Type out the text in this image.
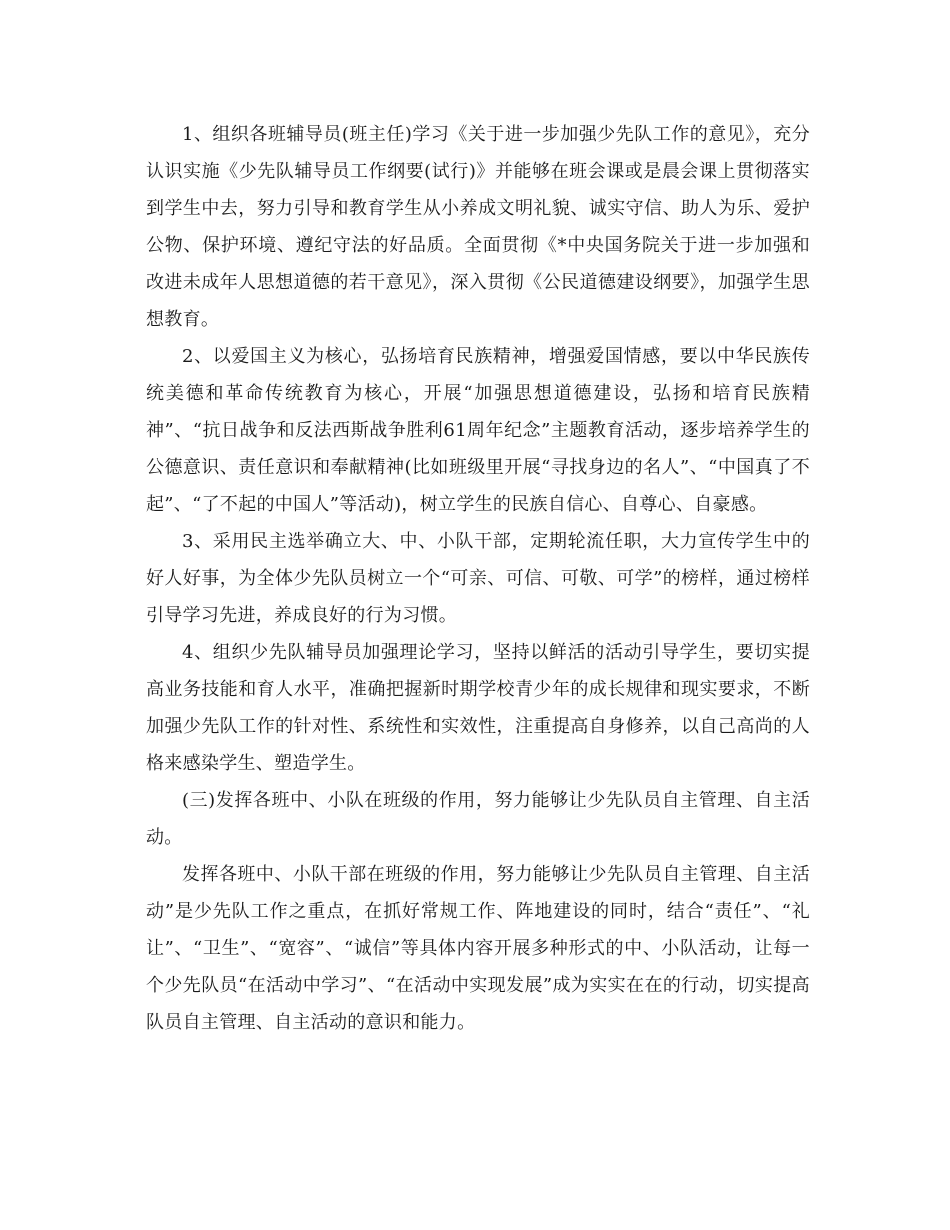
1、组织各班辅导员(班主任)学习《关于进一步加强少先队工作的意见》，充分认识实施《少先队辅导员工作纲要(试行)》并能够在班会课或是晨会课上贯彻落实到学生中去，努力引导和教育学生从小养成文明礼貌、诚实守信、助人为乐、爱护公物、保护环境、遵纪守法的好品质。全面贯彻《*中央国务院关于进一步加强和改进未成年人思想道德的若干意见》，深入贯彻《公民道德建设纲要》，加强学生思想教育。

2、以爱国主义为核心，弘扬培育民族精神，增强爱国情感，要以中华民族传统美德和革命传统教育为核心，开展“加强思想道德建设，弘扬和培育民族精神”、“抗日战争和反法西斯战争胜利61周年纪念”主题教育活动，逐步培养学生的公德意识、责任意识和奉献精神(比如班级里开展“寻找身边的名人”、“中国真了不起”、“了不起的中国人”等活动)，树立学生的民族自信心、自尊心、自豪感。

3、采用民主选举确立大、中、小队干部，定期轮流任职，大力宣传学生中的好人好事，为全体少先队员树立一个“可亲、可信、可敬、可学”的榜样，通过榜样引导学习先进，养成良好的行为习惯。

4、组织少先队辅导员加强理论学习，坚持以鲜活的活动引导学生，要切实提高业务技能和育人水平，准确把握新时期学校青少年的成长规律和现实要求，不断加强少先队工作的针对性、系统性和实效性，注重提高自身修养，以自己高尚的人格来感染学生、塑造学生。

(三)发挥各班中、小队在班级的作用，努力能够让少先队员自主管理、自主活动。

发挥各班中、小队干部在班级的作用，努力能够让少先队员自主管理、自主活动”是少先队工作之重点，在抓好常规工作、阵地建设的同时，结合“责任”、“礼让”、“卫生”、“宽容”、“诚信”等具体内容开展多种形式的中、小队活动，让每一个少先队员“在活动中学习”、“在活动中实现发展”成为实实在在的行动，切实提高队员自主管理、自主活动的意识和能力。
